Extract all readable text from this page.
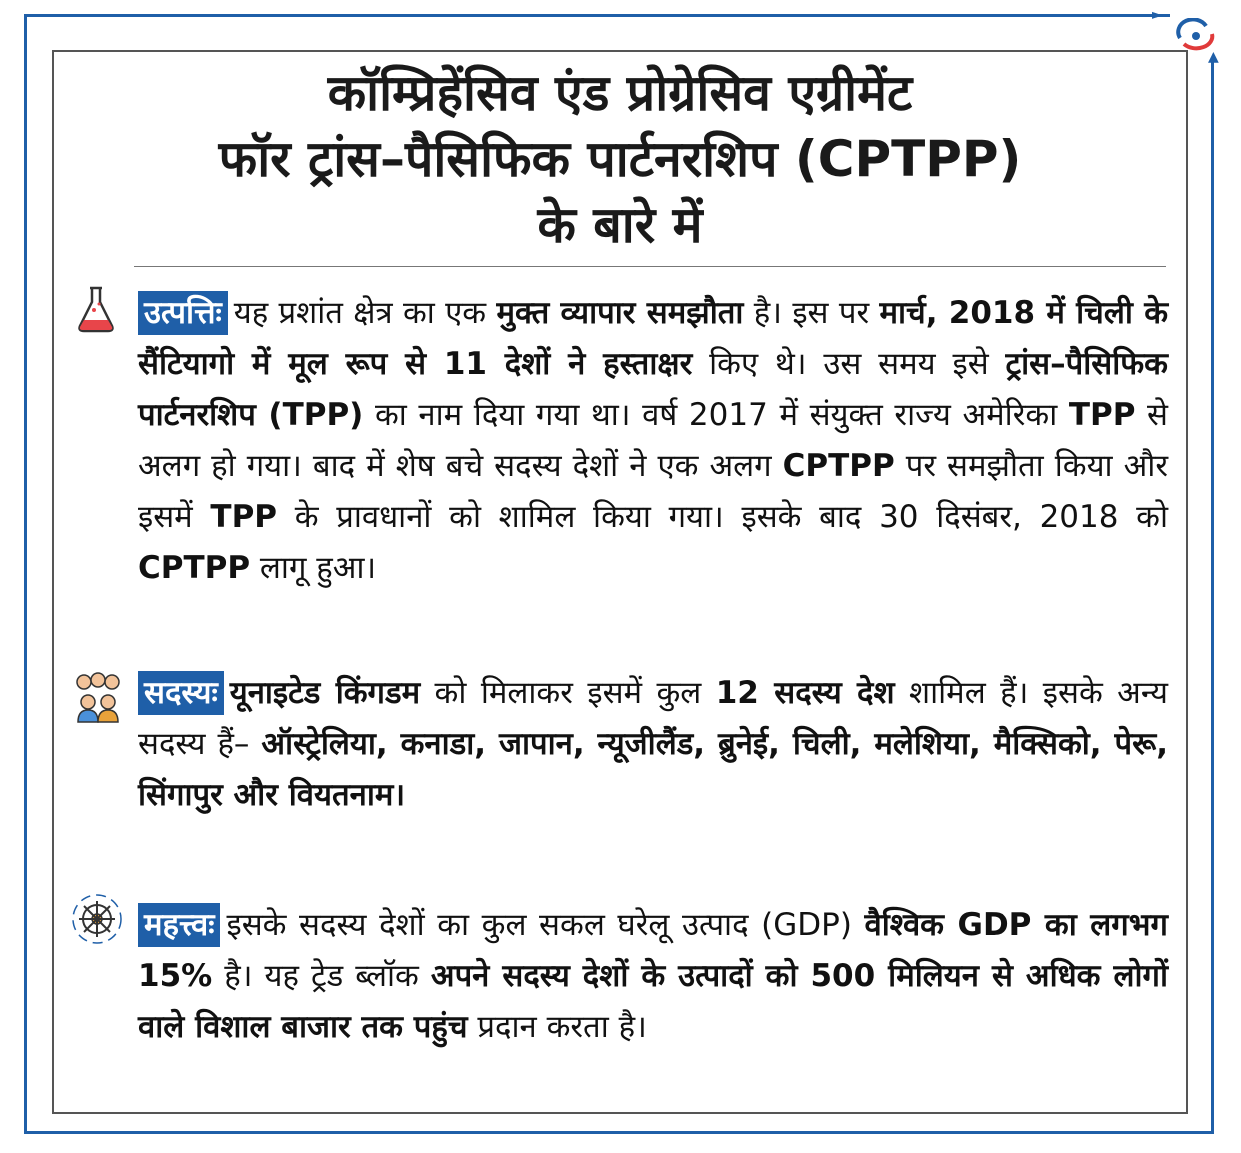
►
▲
कॉम्प्रिहेंसिव एंड प्रोग्रेसिव एग्रीमेंट
फॉर ट्रांस–पैसिफिक पार्टनरशिप (CPTPP)
के बारे में
उत्पत्तिः यह प्रशांत क्षेत्र का एक मुक्त व्यापार समझौता है। इस पर मार्च, 2018 में चिली के सैंटियागो में मूल रूप से 11 देशों ने हस्ताक्षर किए थे। उस समय इसे ट्रांस–पैसिफिक पार्टनरशिप (TPP) का नाम दिया गया था। वर्ष 2017 में संयुक्त राज्य अमेरिका TPP से अलग हो गया। बाद में शेष बचे सदस्य देशों ने एक अलग CPTPP पर समझौता किया और इसमें TPP के प्रावधानों को शामिल किया गया। इसके बाद 30 दिसंबर, 2018 को CPTPP लागू हुआ।
सदस्यः यूनाइटेड किंगडम को मिलाकर इसमें कुल 12 सदस्य देश शामिल हैं। इसके अन्य सदस्य हैं– ऑस्ट्रेलिया, कनाडा, जापान, न्यूजीलैंड, ब्रुनेई, चिली, मलेशिया, मैक्सिको, पेरू, सिंगापुर और वियतनाम।
महत्त्वः इसके सदस्य देशों का कुल सकल घरेलू उत्पाद (GDP) वैश्विक GDP का लगभग 15% है। यह ट्रेड ब्लॉक अपने सदस्य देशों के उत्पादों को 500 मिलियन से अधिक लोगों वाले विशाल बाजार तक पहुंच प्रदान करता है।
